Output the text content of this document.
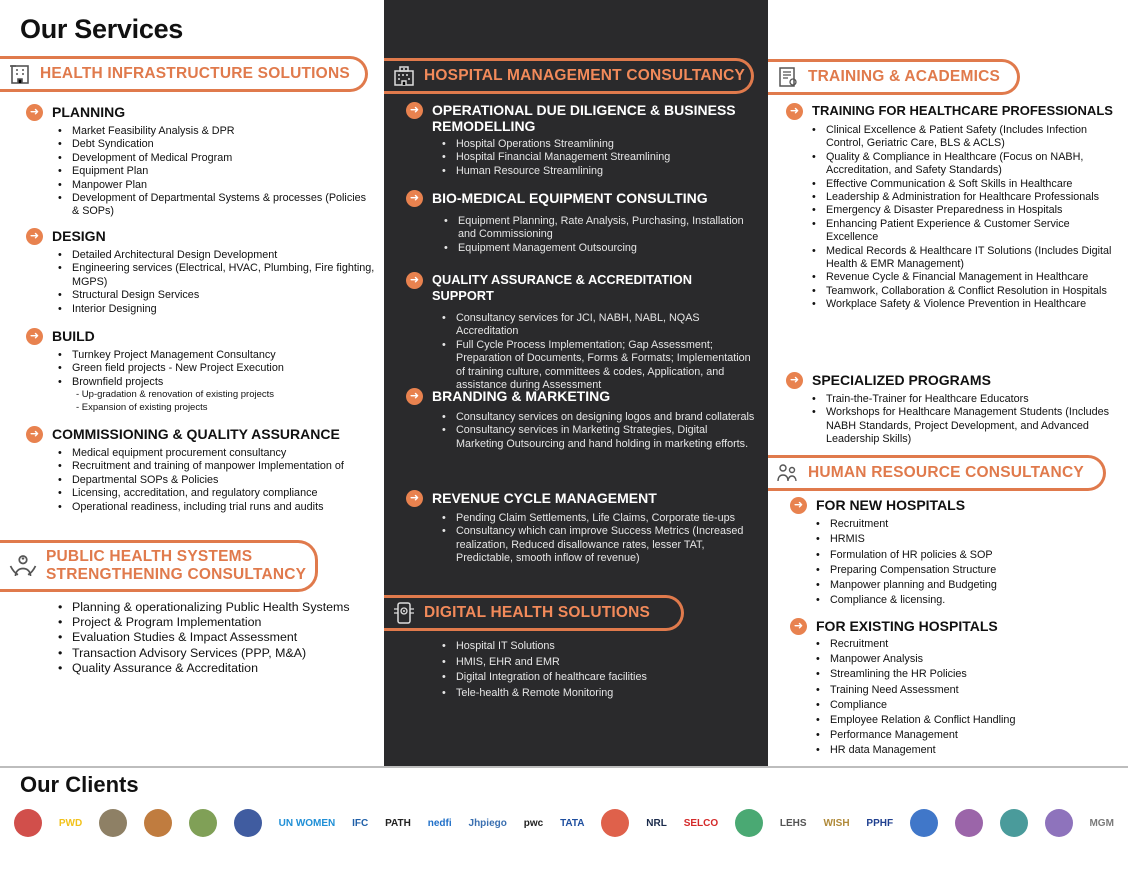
Our Services
HEALTH INFRASTRUCTURE SOLUTIONS
➜ PLANNING
• Market Feasibility Analysis & DPR
• Debt Syndication
• Development of Medical Program
• Equipment Plan
• Manpower Plan
• Development of Departmental Systems & processes (Policies & SOPs)
➜ DESIGN
• Detailed Architectural Design Development
• Engineering services (Electrical, HVAC, Plumbing, Fire fighting, MGPS)
• Structural Design Services
• Interior Designing
➜ BUILD
• Turnkey Project Management Consultancy
• Green field projects - New Project Execution
• Brownfield projects
- Up-gradation & renovation of existing projects
- Expansion of existing projects
➜ COMMISSIONING & QUALITY ASSURANCE
• Medical equipment procurement consultancy
• Recruitment and training of manpower Implementation of
• Departmental SOPs & Policies
• Licensing, accreditation, and regulatory compliance
• Operational readiness, including trial runs and audits
PUBLIC HEALTH SYSTEMS
STRENGTHENING CONSULTANCY
• Planning & operationalizing Public Health Systems
• Project & Program Implementation
• Evaluation Studies & Impact Assessment
• Transaction Advisory Services (PPP, M&A)
• Quality Assurance & Accreditation
HOSPITAL MANAGEMENT CONSULTANCY
➜ OPERATIONAL DUE DILIGENCE & BUSINESS REMODELLING
• Hospital Operations Streamlining
• Hospital Financial Management Streamlining
• Human Resource Streamlining
➜ BIO-MEDICAL EQUIPMENT CONSULTING
• Equipment Planning, Rate Analysis, Purchasing, Installation and Commissioning
• Equipment Management Outsourcing
➜	QUALITY ASSURANCE & ACCREDITATION SUPPORT
• Consultancy services for JCI, NABH, NABL, NQAS Accreditation
• Full Cycle Process Implementation; Gap Assessment; Preparation of Documents, Forms & Formats; Implementation of training culture, committees & codes, Application, and assistance during Assessment
➜ BRANDING & MARKETING
• Consultancy services on designing logos and brand collaterals
• Consultancy services in Marketing Strategies, Digital Marketing Outsourcing and hand holding in marketing efforts.
➜ REVENUE CYCLE MANAGEMENT
• Pending Claim Settlements, Life Claims, Corporate tie-ups
• Consultancy which can improve Success Metrics (Increased realization, Reduced disallowance rates, lesser TAT, Predictable, smooth inflow of revenue)
DIGITAL HEALTH SOLUTIONS
• Hospital IT Solutions
• HMIS, EHR and EMR
• Digital Integration of healthcare facilities
• Tele-health & Remote Monitoring
TRAINING & ACADEMICS
➜ TRAINING FOR HEALTHCARE PROFESSIONALS
• Clinical Excellence & Patient Safety (Includes Infection Control, Geriatric Care, BLS & ACLS)
• Quality & Compliance in Healthcare (Focus on NABH, Accreditation, and Safety Standards)
• Effective Communication & Soft Skills in Healthcare
• Leadership & Administration for Healthcare Professionals
• Emergency & Disaster Preparedness in Hospitals
• Enhancing Patient Experience & Customer Service Excellence
• Medical Records & Healthcare IT Solutions (Includes Digital Health & EMR Management)
• Revenue Cycle & Financial Management in Healthcare
• Teamwork, Collaboration & Conflict Resolution in Hospitals
• Workplace Safety & Violence Prevention in Healthcare
➜ SPECIALIZED PROGRAMS
• Train-the-Trainer for Healthcare Educators
• Workshops for Healthcare Management Students (Includes NABH Standards, Project Development, and Advanced Leadership Skills)
HUMAN RESOURCE CONSULTANCY
➜ FOR NEW HOSPITALS
• Recruitment
• HRMIS
• Formulation of HR policies & SOP
• Preparing Compensation Structure
• Manpower planning and Budgeting
• Compliance & licensing.
➜ FOR EXISTING HOSPITALS
• Recruitment
• Manpower Analysis
• Streamlining the HR Policies
• Training Need Assessment
• Compliance
• Employee Relation & Conflict Handling
• Performance Management
• HR data Management
Our Clients
PWD	UN WOMEN IFC PATH nedfi Jhpiego pwc TATA	NRL SELCO	LEHS WISH PPHF	MGM
